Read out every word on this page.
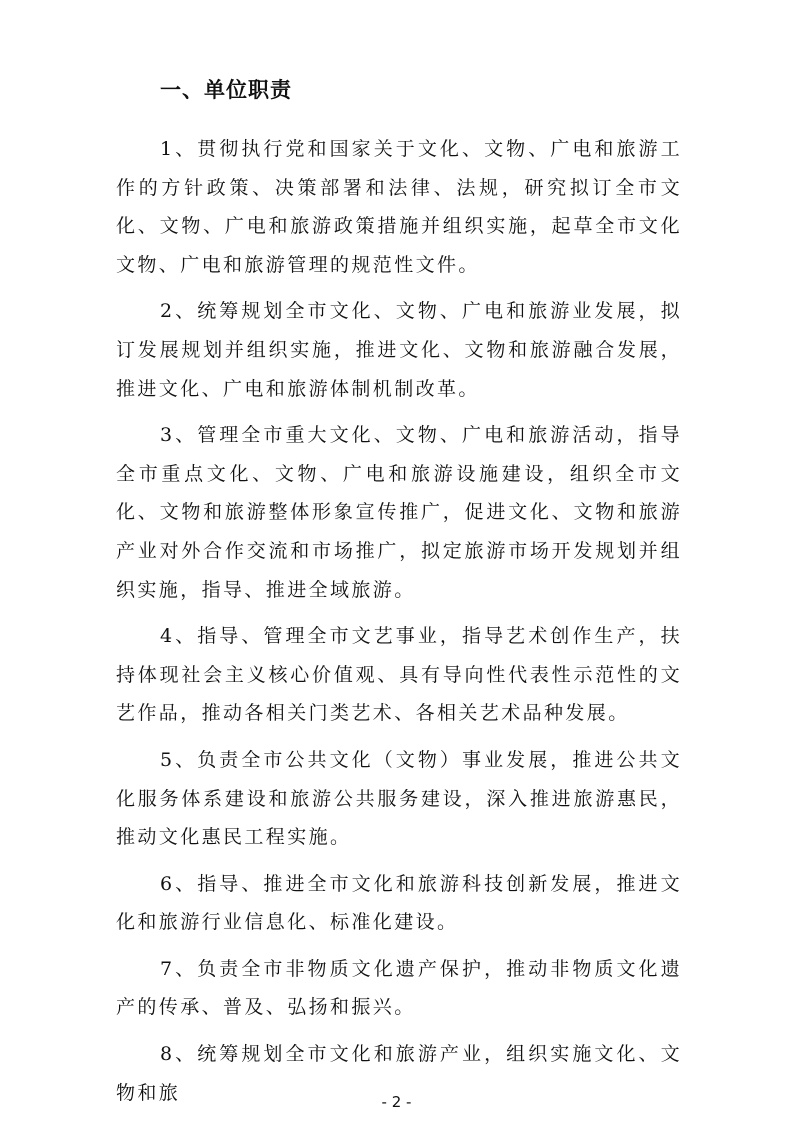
一、单位职责

1、贯彻执行党和国家关于文化、文物、广电和旅游工作的方针政策、决策部署和法律、法规，研究拟订全市文化、文物、广电和旅游政策措施并组织实施，起草全市文化文物、广电和旅游管理的规范性文件。

2、统筹规划全市文化、文物、广电和旅游业发展，拟订发展规划并组织实施，推进文化、文物和旅游融合发展，推进文化、广电和旅游体制机制改革。

3、管理全市重大文化、文物、广电和旅游活动，指导全市重点文化、文物、广电和旅游设施建设，组织全市文化、文物和旅游整体形象宣传推广，促进文化、文物和旅游产业对外合作交流和市场推广，拟定旅游市场开发规划并组织实施，指导、推进全域旅游。

4、指导、管理全市文艺事业，指导艺术创作生产，扶持体现社会主义核心价值观、具有导向性代表性示范性的文艺作品，推动各相关门类艺术、各相关艺术品种发展。

5、负责全市公共文化（文物）事业发展，推进公共文化服务体系建设和旅游公共服务建设，深入推进旅游惠民，推动文化惠民工程实施。

6、指导、推进全市文化和旅游科技创新发展，推进文化和旅游行业信息化、标准化建设。

7、负责全市非物质文化遗产保护，推动非物质文化遗产的传承、普及、弘扬和振兴。

8、统筹规划全市文化和旅游产业，组织实施文化、文物和旅	- 2 -
